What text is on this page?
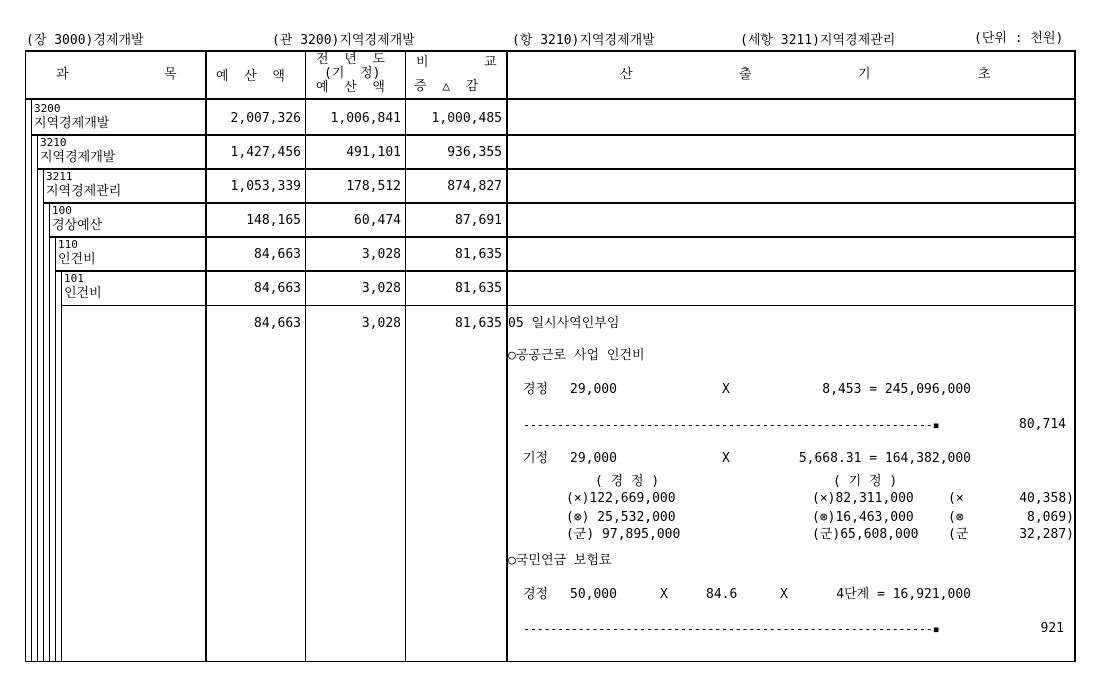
(장 3000)경제개발	(관 3200)지역경제개발	(항 3210)지역경제개발	(세항 3211)지역경제관리	(단위 : 천원)
과	목	예  산  액
전  년  도
(기  정)
예  산  액
비	교
증  △  감
산	출	기	초
3200
지역경제개발	2,007,326	1,006,841	1,000,485
3210
지역경제개발	1,427,456	491,101	936,355
3211
지역경제관리	1,053,339	178,512	874,827
100
경상예산	148,165	60,474	87,691
110
인건비	84,663	3,028	81,635
101
인건비	84,663	3,028	81,635
84,663	3,028	81,635 05 일시사역인부임
○공공근로 사업 인건비
경정 29,000	X	8,453 = 245,096,000
------------------------------------------------------------▪	80,714
기정 29,000	X	5,668.31 = 164,382,000
( 경 정 )	( 기 정 )
(×)122,669,000	(×)82,311,000	(×	40,358)
(⊗) 25,532,000	(⊗)16,463,000	(⊗	8,069)
(군) 97,895,000	(군)65,608,000 (군	32,287)
○국민연금 보험료
경정 50,000	X	84.6	X	4단계 = 16,921,000
------------------------------------------------------------▪	921
